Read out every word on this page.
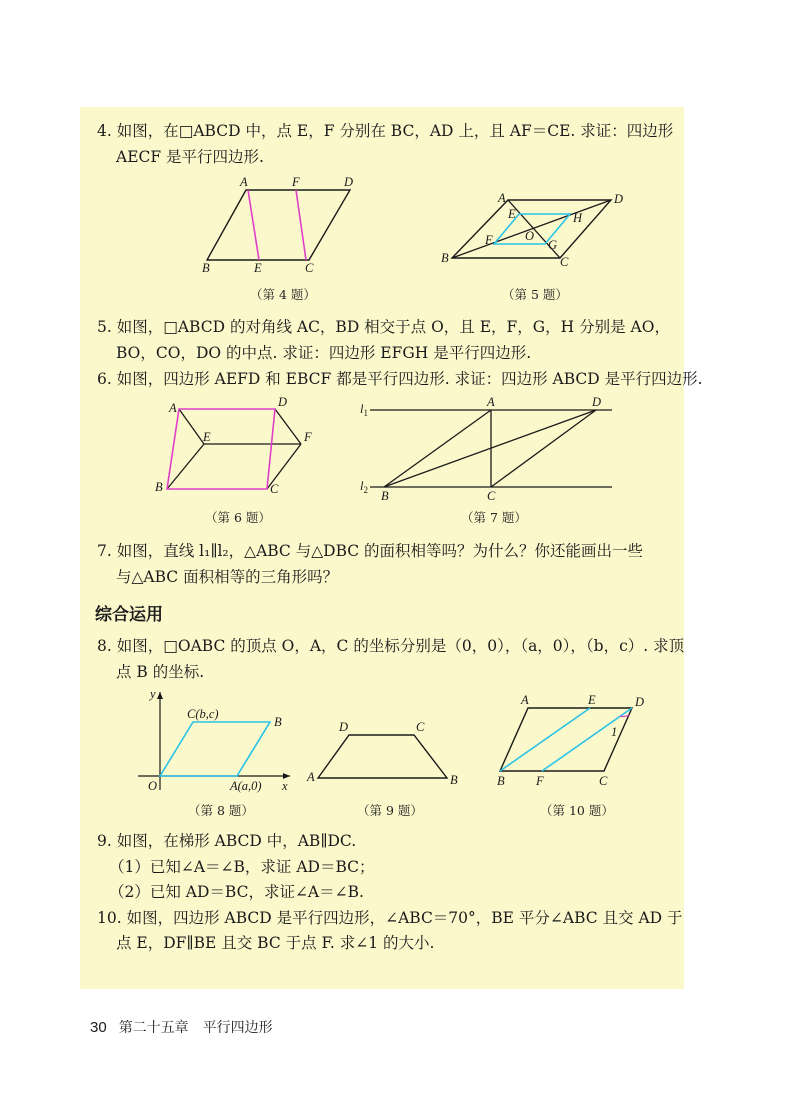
4. 如图，在□ABCD 中，点 E，F 分别在 BC，AD 上，且 AF＝CE. 求证：四边形
AECF 是平行四边形.
A	F	D
B	E	C
（第 4 题）
A	D
E	H
O
F	G
B	C
（第 5 题）
5. 如图，□ABCD 的对角线 AC，BD 相交于点 O，且 E，F，G，H 分别是 AO，
BO，CO，DO 的中点. 求证：四边形 EFGH 是平行四边形.
6. 如图，四边形 AEFD 和 EBCF 都是平行四边形. 求证：四边形 ABCD 是平行四边形.
A	D
E	F
B	C
（第 6 题）
$l_1$
$l_2$
A	D
B	C
（第 7 题）
7. 如图，直线 l₁∥l₂，△ABC 与△DBC 的面积相等吗？为什么？你还能画出一些
与△ABC 面积相等的三角形吗？
综合运用
8. 如图，□OABC 的顶点 O，A，C 的坐标分别是（0，0），（a，0），（b，c）. 求顶
点 B 的坐标.
y
x
O
C(b,c)
B
A(a,0)
（第 8 题）
D	C
A	B
（第 9 题）
A	E	D
1
B	F	C
（第 10 题）
9. 如图，在梯形 ABCD 中，AB∥DC.
（1）已知∠A＝∠B，求证 AD＝BC；
（2）已知 AD＝BC，求证∠A＝∠B.
10. 如图，四边形 ABCD 是平行四边形，∠ABC＝70°，BE 平分∠ABC 且交 AD 于
点 E，DF∥BE 且交 BC 于点 F. 求∠1 的大小.
30 第二十五章　平行四边形
